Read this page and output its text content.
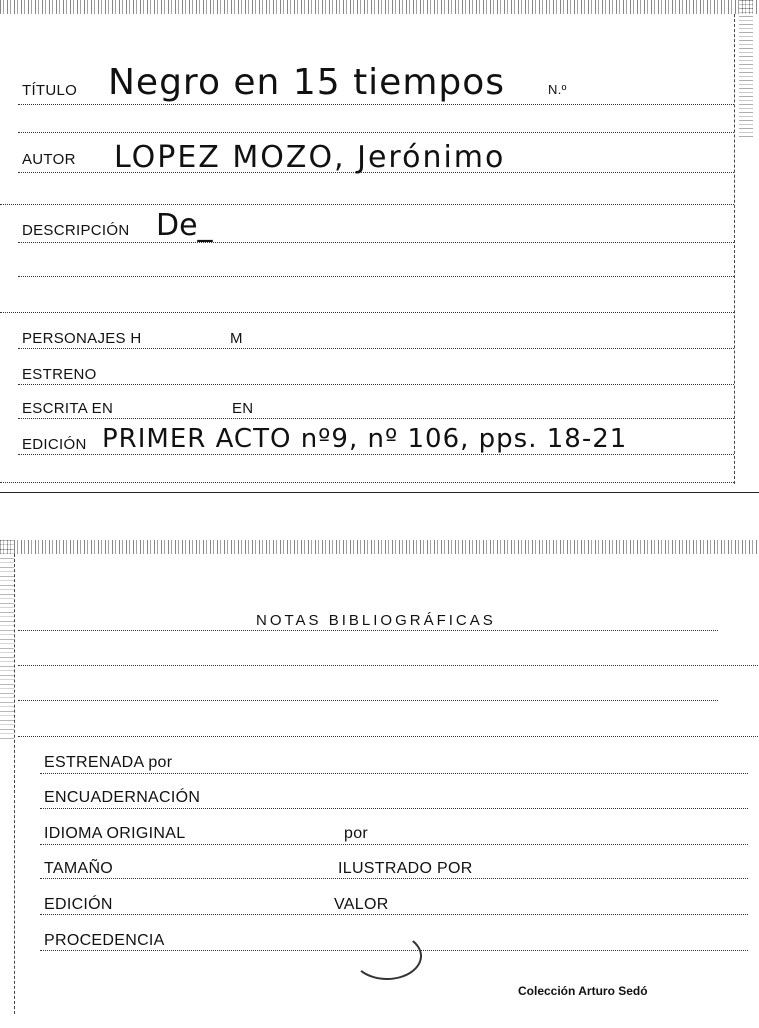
TÍTULO Negro en 15 tiempos	N.º
AUTOR LOPEZ MOZO, Jerónimo
DESCRIPCIÓN De_
PERSONAJES H	M
ESTRENO
ESCRITA EN	EN
EDICIÓN PRIMER ACTO nº9, nº 106, pps. 18-21
NOTAS BIBLIOGRÁFICAS
ESTRENADA por
ENCUADERNACIÓN
IDIOMA ORIGINAL	por
TAMAÑO	ILUSTRADO POR
EDICIÓN	VALOR
PROCEDENCIA
Colección Arturo Sedó
